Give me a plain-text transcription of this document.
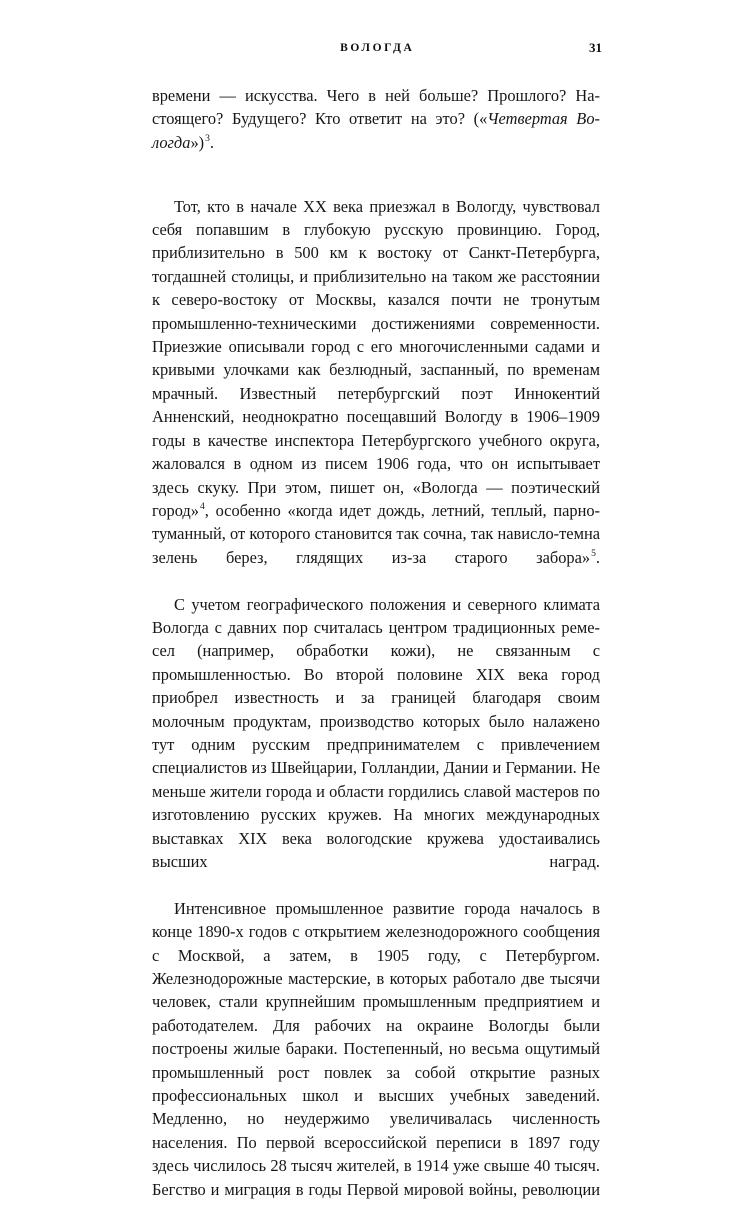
ВОЛОГДА	31

времени — искусства. Чего в ней больше? Прошлого? Настоящего? Будущего? Кто ответит на это? («Четвертая Вологда»)$^3$.

Тот, кто в начале XX века приезжал в Вологду, чувствовал себя попавшим в глубокую русскую провинцию. Город, приблизительно в 500 км к востоку от Санкт-Петербурга, тогдашней столицы, и приблизительно на таком же расстоянии к северо-востоку от Москвы, казался почти не тронутым промышленно-техническими достижениями современности. Приезжие описывали город с его многочисленными садами и кривыми улочками как безлюдный, заспанный, по временам мрачный. Известный петербургский поэт Иннокентий Анненский, неоднократно посещавший Вологду в 1906–1909 годы в качестве инспектора Петербургского учебного округа, жаловался в одном из писем 1906 года, что он испытывает здесь скуку. При этом, пишет он, «Вологда — поэтический город»$^4$, особенно «когда идет дождь, летний, теплый, парно-туманный, от которого становится так сочна, так нависло-темна зелень берез, глядящих из-за старого забора»$^5$.

С учетом географического положения и северного климата Вологда с давних пор считалась центром традиционных ремесел (например, обработки кожи), не связанным с промышленностью. Во второй половине XIX века город приобрел известность и за границей благодаря своим молочным продуктам, производство которых было налажено тут одним русским предпринимателем с привлечением специалистов из Швейцарии, Голландии, Дании и Германии. Не меньше жители города и области гордились славой мастеров по изготовлению русских кружев. На многих международных выставках XIX века вологодские кружева удостаивались высших наград.

Интенсивное промышленное развитие города началось в конце 1890-х годов с открытием железнодорожного сообщения с Москвой, а затем, в 1905 году, с Петербургом. Железнодорожные мастерские, в которых работало две тысячи человек, стали крупнейшим промышленным предприятием и работодателем. Для рабочих на окраине Вологды были построены жилые бараки. Постепенный, но весьма ощутимый промышленный рост повлек за собой открытие разных профессиональных школ и высших учебных заведений. Медленно, но неудержимо увеличивалась численность населения. По первой всероссийской переписи в 1897 году здесь числилось 28 тысяч жителей, в 1914 уже свыше 40 тысяч. Бегство и миграция в годы Первой мировой войны, революции
